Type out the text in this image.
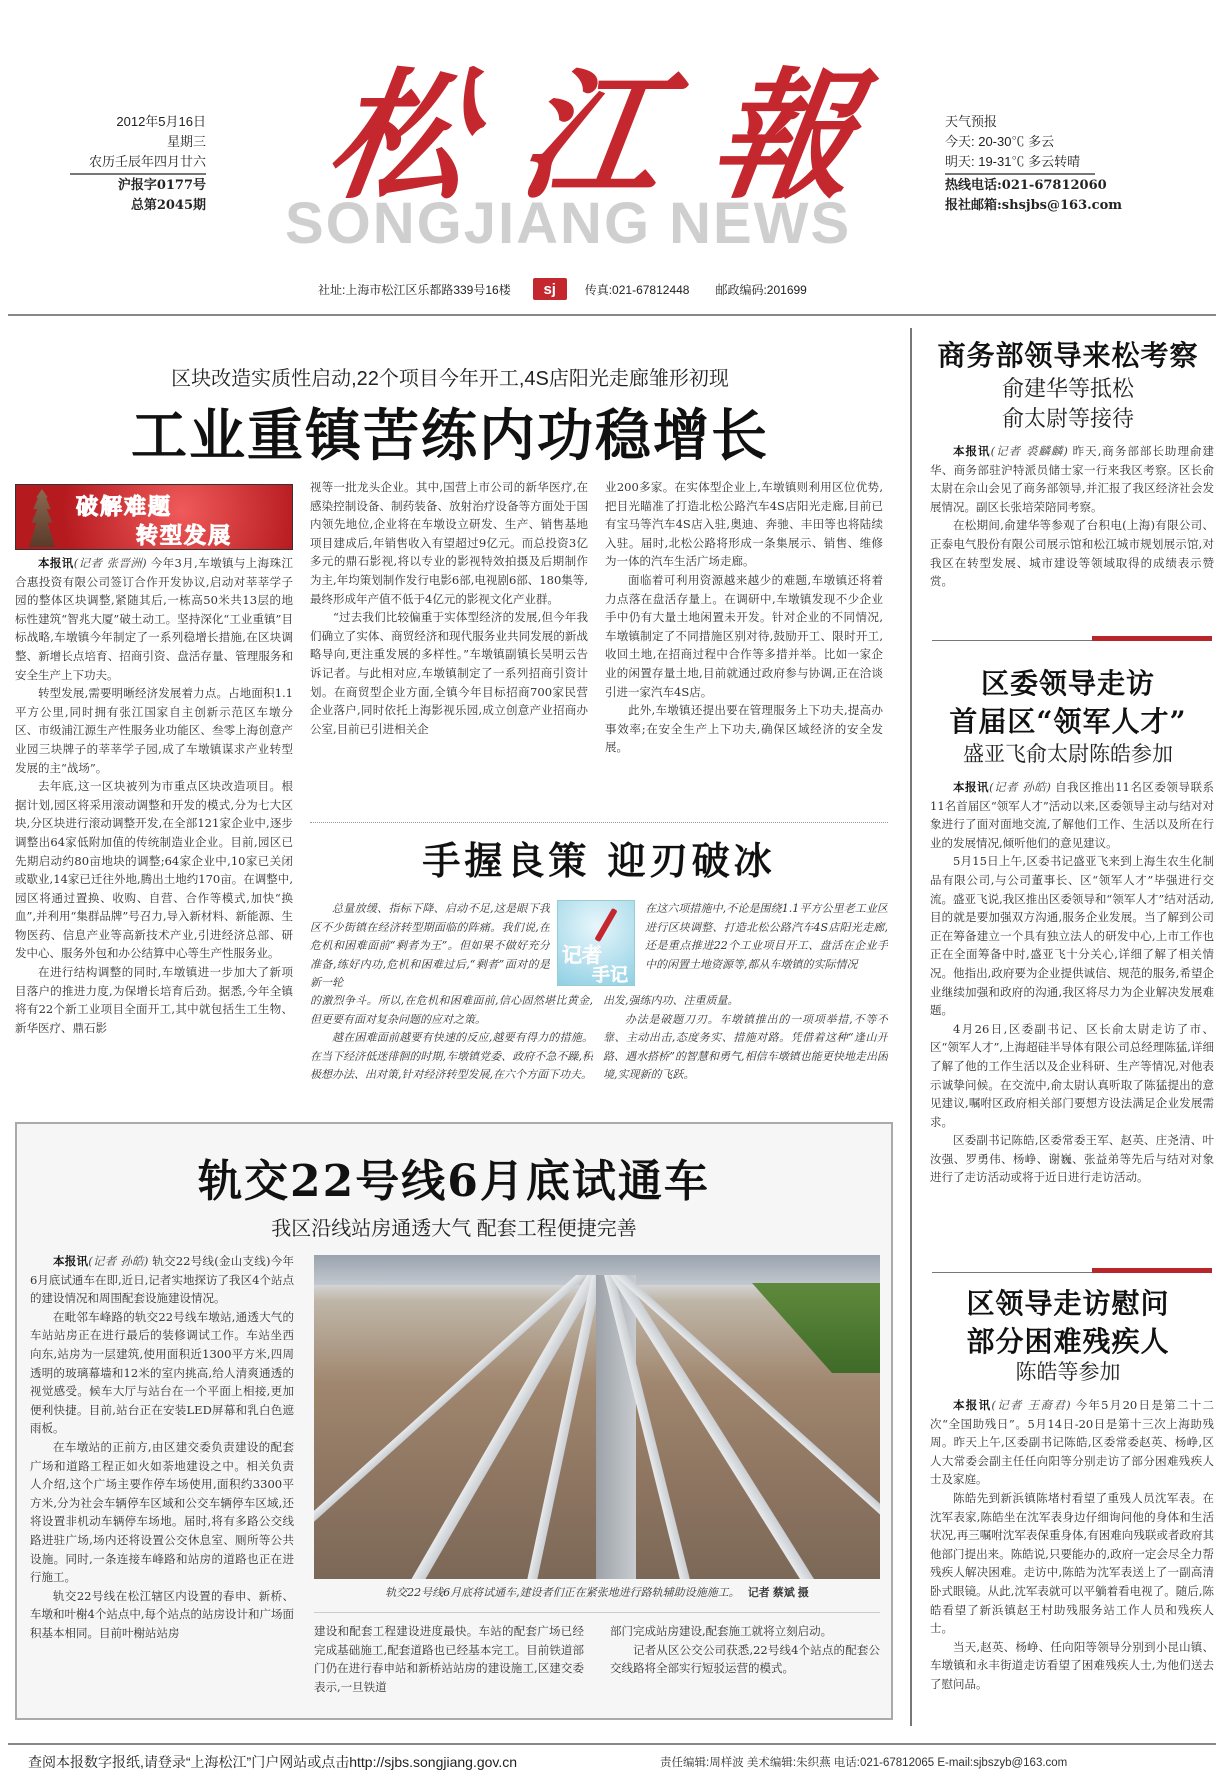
2012年5月16日
星期三
农历壬辰年四月廿六
沪报字0177号
总第2045期 SONGJIANG NEWS
松 江 報	天气预报
今天: 20-30℃ 多云
明天: 19-31℃ 多云转晴
热线电话:021-67812060
报社邮箱:shsjbs@163.com
社址:上海市松江区乐都路339号16楼	sj	传真:021-67812448 邮政编码:201699
区块改造实质性启动,22个项目今年开工,4S店阳光走廊雏形初现
工业重镇苦练内功稳增长
破解难题
转型发展

本报讯(记者 张晋洲) 今年3月,车墩镇与上海珠江合惠投资有限公司签订合作开发协议,启动对莘莘学子园的整体区块调整,紧随其后,一栋高50米共13层的地标性建筑“智兆大厦”破土动工。坚持深化“工业重镇”目标战略,车墩镇今年制定了一系列稳增长措施,在区块调整、新增长点培育、招商引资、盘活存量、管理服务和安全生产上下功夫。

转型发展,需要明晰经济发展着力点。占地面积1.1平方公里,同时拥有张江国家自主创新示范区车墩分区、市级浦江源生产性服务业功能区、叁零上海创意产业园三块牌子的莘莘学子园,成了车墩镇谋求产业转型发展的主“战场”。

去年底,这一区块被列为市重点区块改造项目。根据计划,园区将采用滚动调整和开发的模式,分为七大区块,分区块进行滚动调整开发,在全部121家企业中,逐步调整出64家低附加值的传统制造业企业。目前,园区已先期启动约80亩地块的调整;64家企业中,10家已关闭或歇业,14家已迁往外地,腾出土地约170亩。在调整中,园区将通过置换、收购、自营、合作等模式,加快“换血”,并利用“集群品牌”号召力,导入新材料、新能源、生物医药、信息产业等高新技术产业,引进经济总部、研发中心、服务外包和办公结算中心等生产性服务业。

在进行结构调整的同时,车墩镇进一步加大了新项目落户的推进力度,为保增长培育后劲。据悉,今年全镇将有22个新工业项目全面开工,其中就包括生工生物、新华医疗、鼎石影

视等一批龙头企业。其中,国营上市公司的新华医疗,在感染控制设备、制药装备、放射治疗设备等方面处于国内领先地位,企业将在车墩设立研发、生产、销售基地项目建成后,年销售收入有望超过9亿元。而总投资3亿多元的鼎石影视,将以专业的影视特效拍摄及后期制作为主,年均策划制作发行电影6部,电视剧6部、180集等,最终形成年产值不低于4亿元的影视文化产业群。

“过去我们比较偏重于实体型经济的发展,但今年我们确立了实体、商贸经济和现代服务业共同发展的新战略导向,更注重发展的多样性。”车墩镇副镇长吴明云告诉记者。与此相对应,车墩镇制定了一系列招商引资计划。在商贸型企业方面,全镇今年目标招商700家民营企业落户,同时依托上海影视乐园,成立创意产业招商办公室,目前已引进相关企

业200多家。在实体型企业上,车墩镇则利用区位优势,把目光瞄准了打造北松公路汽车4S店阳光走廊,目前已有宝马等汽车4S店入驻,奥迪、奔驰、丰田等也将陆续入驻。届时,北松公路将形成一条集展示、销售、维修为一体的汽车生活广场走廊。

面临着可利用资源越来越少的难题,车墩镇还将着力点落在盘活存量上。在调研中,车墩镇发现不少企业手中仍有大量土地闲置未开发。针对企业的不同情况,车墩镇制定了不同措施区别对待,鼓励开工、限时开工,收回土地,在招商过程中合作等多措并举。比如一家企业的闲置存量土地,目前就通过政府参与协调,正在洽谈引进一家汽车4S店。

此外,车墩镇还提出要在管理服务上下功夫,提高办事效率;在安全生产上下功夫,确保区域经济的安全发展。

手握良策 迎刃破冰
记者
手记

总量放缓、指标下降、启动不足,这是眼下我区不少街镇在经济转型期面临的阵痛。我们说,在危机和困难面前“剩者为王”。但如果不做好充分准备,练好内功,危机和困难过后,“剩者”面对的是新一轮

的激烈争斗。所以,在危机和困难面前,信心固然堪比黄金,但更要有面对复杂问题的应对之策。

越在困难面前越要有快速的反应,越要有得力的措施。在当下经济低迷徘徊的时期,车墩镇党委、政府不急不躁,积极想办法、出对策,针对经济转型发展,在六个方面下功夫。

在这六项措施中,不论是围绕1.1平方公里老工业区进行区块调整、打造北松公路汽车4S店阳光走廊,还是重点推进22个工业项目开工、盘活在企业手中的闲置土地资源等,都从车墩镇的实际情况

出发,强练内功、注重质量。

办法是破题刀刃。车墩镇推出的一项项举措,不等不靠、主动出击,态度务实、措施对路。凭借着这种“逢山开路、遇水搭桥”的智慧和勇气,相信车墩镇也能更快地走出困境,实现新的飞跃。

轨交22号线6月底试通车
我区沿线站房通透大气 配套工程便捷完善

本报讯(记者 孙皓) 轨交22号线(金山支线)今年6月底试通车在即,近日,记者实地探访了我区4个站点的建设情况和周围配套设施建设情况。

在毗邻车峰路的轨交22号线车墩站,通透大气的车站站房正在进行最后的装修调试工作。车站坐西向东,站房为一层建筑,使用面积近1300平方米,四周透明的玻璃幕墙和12米的室内挑高,给人清爽通透的视觉感受。候车大厅与站台在一个平面上相接,更加便利快捷。目前,站台正在安装LED屏幕和乳白色遮雨板。

在车墩站的正前方,由区建交委负责建设的配套广场和道路工程正如火如荼地建设之中。相关负责人介绍,这个广场主要作停车场使用,面积约3300平方米,分为社会车辆停车区域和公交车辆停车区域,还将设置非机动车辆停车场地。届时,将有多路公交线路进驻广场,场内还将设置公交休息室、厕所等公共设施。同时,一条连接车峰路和站房的道路也正在进行施工。

轨交22号线在松江辖区内设置的春申、新桥、车墩和叶榭4个站点中,每个站点的站房设计和广场面积基本相同。目前叶榭站站房

轨交22号线6月底将试通车,建设者们正在紧张地进行路轨辅助设施施工。 记者 蔡斌 摄

建设和配套工程建设进度最快。车站的配套广场已经完成基础施工,配套道路也已经基本完工。目前铁道部门仍在进行春申站和新桥站站房的建设施工,区建交委表示,一旦铁道

部门完成站房建设,配套施工就将立刻启动。

记者从区公交公司获悉,22号线4个站点的配套公交线路将全部实行短驳运营的模式。

商务部领导来松考察
俞建华等抵松
俞太尉等接待

本报讯(记者 裘麟麟) 昨天,商务部部长助理俞建华、商务部驻沪特派员储士家一行来我区考察。区长俞太尉在佘山会见了商务部领导,并汇报了我区经济社会发展情况。副区长张培荣陪同考察。

在松期间,俞建华等参观了台积电(上海)有限公司、正泰电气股份有限公司展示馆和松江城市规划展示馆,对我区在转型发展、城市建设等领域取得的成绩表示赞赏。

区委领导走访
首届区“领军人才”
盛亚飞俞太尉陈皓参加

本报讯(记者 孙皓) 自我区推出11名区委领导联系11名首届区“领军人才”活动以来,区委领导主动与结对对象进行了面对面地交流,了解他们工作、生活以及所在行业的发展情况,倾听他们的意见建议。

5月15日上午,区委书记盛亚飞来到上海生农生化制品有限公司,与公司董事长、区“领军人才”毕强进行交流。盛亚飞说,我区推出区委领导和“领军人才”结对活动,目的就是要加强双方沟通,服务企业发展。当了解到公司正在筹备建立一个具有独立法人的研发中心,上市工作也正在全面筹备中时,盛亚飞十分关心,详细了解了相关情况。他指出,政府要为企业提供诚信、规范的服务,希望企业继续加强和政府的沟通,我区将尽力为企业解决发展难题。

4月26日,区委副书记、区长俞太尉走访了市、区“领军人才”,上海超硅半导体有限公司总经理陈猛,详细了解了他的工作生活以及企业科研、生产等情况,对他表示诚挚问候。在交流中,俞太尉认真听取了陈猛提出的意见建议,嘱咐区政府相关部门要想方设法满足企业发展需求。

区委副书记陈皓,区委常委王军、赵英、庄尧清、叶汝强、罗勇伟、杨峥、谢巍、张益弟等先后与结对对象进行了走访活动或将于近日进行走访活动。

区领导走访慰问
部分困难残疾人
陈皓等参加

本报讯(记者 王裔君) 今年5月20日是第二十二次“全国助残日”。5月14日-20日是第十三次上海助残周。昨天上午,区委副书记陈皓,区委常委赵英、杨峥,区人大常委会副主任任向阳等分别走访了部分困难残疾人士及家庭。

陈皓先到新浜镇陈堵村看望了重残人员沈军表。在沈军表家,陈皓坐在沈军表身边仔细询问他的身体和生活状况,再三嘱咐沈军表保重身体,有困难向残联或者政府其他部门提出来。陈皓说,只要能办的,政府一定会尽全力帮残疾人解决困难。走访中,陈皓为沈军表送上了一副高清卧式眼镜。从此,沈军表就可以平躺着看电视了。随后,陈皓看望了新浜镇赵王村助残服务站工作人员和残疾人士。

当天,赵英、杨峥、任向阳等领导分别到小昆山镇、车墩镇和永丰街道走访看望了困难残疾人士,为他们送去了慰问品。

查阅本报数字报纸,请登录“上海松江”门户网站或点击http://sjbs.songjiang.gov.cn	责任编辑:周样波 美术编辑:朱织燕 电话:021-67812065 E-mail:sjbszyb@163.com
